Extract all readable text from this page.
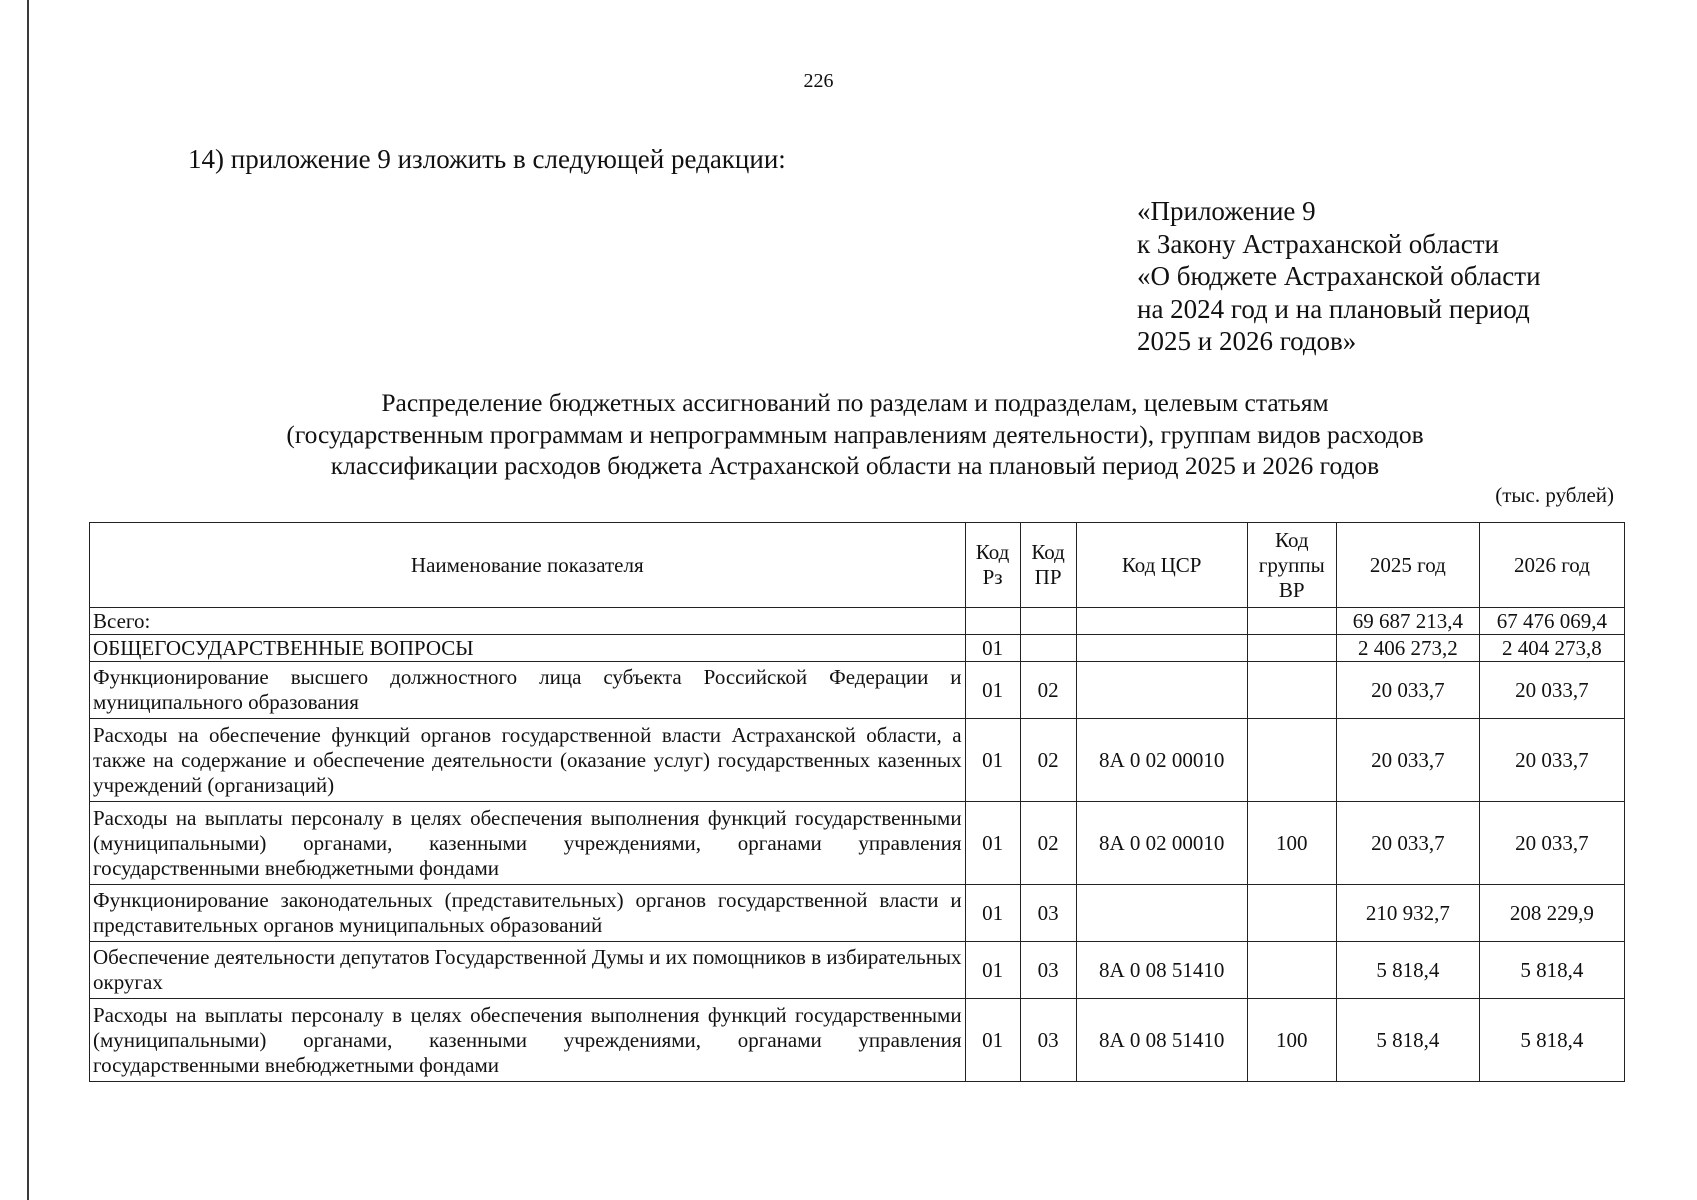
226
14) приложение 9 изложить в следующей редакции:
«Приложение 9
к Закону Астраханской области
«О бюджете Астраханской области
на 2024 год и на плановый период
2025 и 2026 годов»
Распределение бюджетных ассигнований по разделам и подразделам, целевым статьям
(государственным программам и непрограммным направлениям деятельности), группам видов расходов
классификации расходов бюджета Астраханской области на плановый период 2025 и 2026 годов
(тыс. рублей)
Наименование показателя	Код Рз	Код ПР	Код ЦСР	Код группы ВР	2025 год	2026 год
Всего:					69 687 213,4	67 476 069,4
ОБЩЕГОСУДАРСТВЕННЫЕ ВОПРОСЫ	01				2 406 273,2	2 404 273,8
Функционирование высшего должностного лица субъекта Российской Федерации и муниципального образования	01	02			20 033,7	20 033,7
Расходы на обеспечение функций органов государственной власти Астраханской области, а также на содержание и обеспечение деятельности (оказание услуг) государственных казенных учреждений (организаций)	01	02	8А 0 02 00010		20 033,7	20 033,7
Расходы на выплаты персоналу в целях обеспечения выполнения функций государственными (муниципальными) органами, казенными учреждениями, органами управления государственными внебюджетными фондами	01	02	8А 0 02 00010	100	20 033,7	20 033,7
Функционирование законодательных (представительных) органов государственной власти и представительных органов муниципальных образований	01	03			210 932,7	208 229,9
Обеспечение деятельности депутатов Государственной Думы и их помощников в избирательных округах	01	03	8А 0 08 51410		5 818,4	5 818,4
Расходы на выплаты персоналу в целях обеспечения выполнения функций государственными (муниципальными) органами, казенными учреждениями, органами управления государственными внебюджетными фондами	01	03	8А 0 08 51410	100	5 818,4	5 818,4
